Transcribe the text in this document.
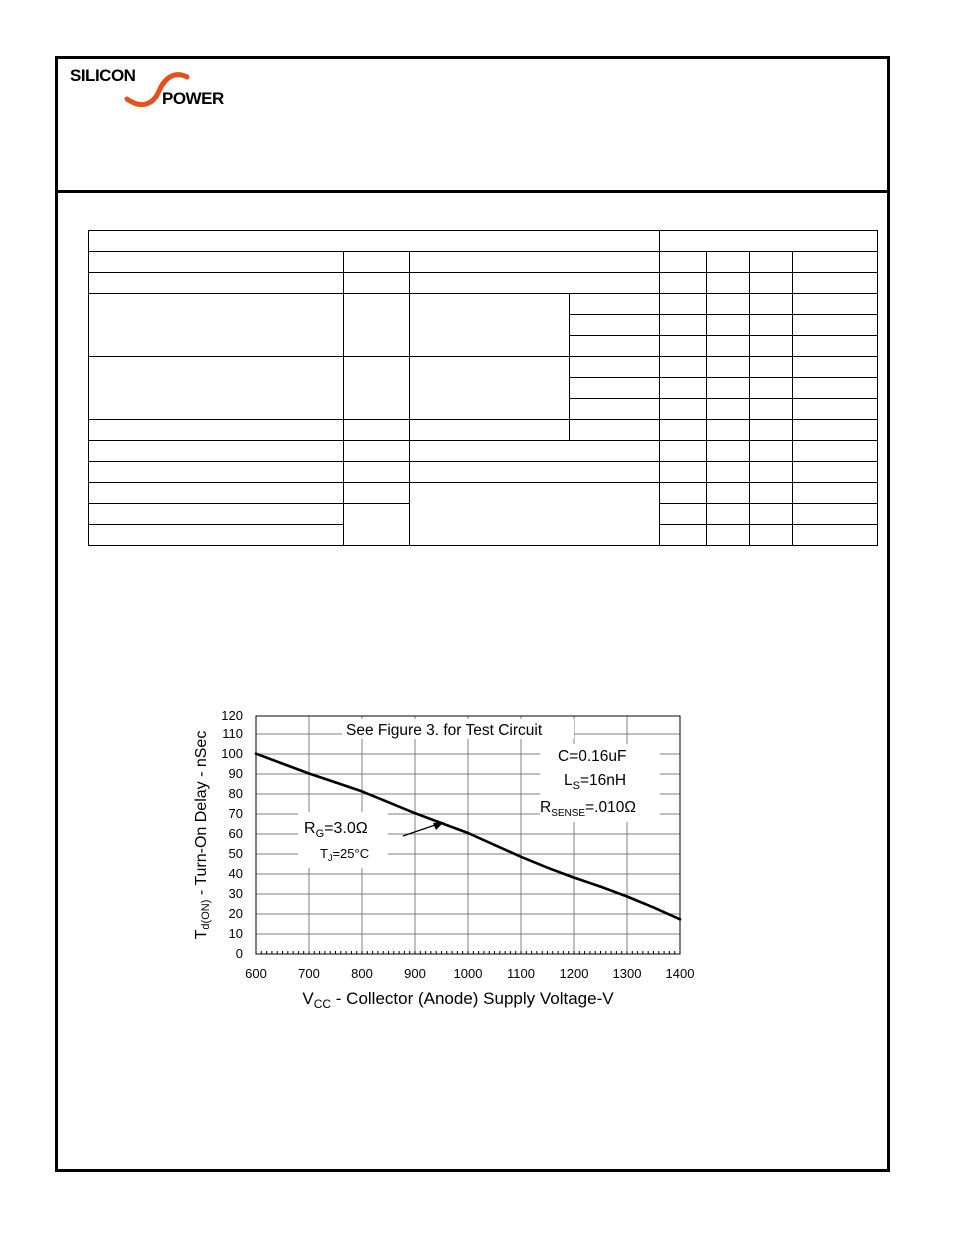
SILICON
POWER

0
10
20
30
40
50
60
70
80
90
100
110
120
600 700 800 900 1000 1100 1200 1300 1400
See Figure 3. for Test Circuit
C=0.16uF
$L_S=16nH$
$R_{SENSE}=.010\Omega$
$R_G=3.0\Omega$
$T_J=25^\circ C$
Td(ON) - Turn-On Delay - nSec
$V_{CC}$ - Collector (Anode) Supply Voltage-V
